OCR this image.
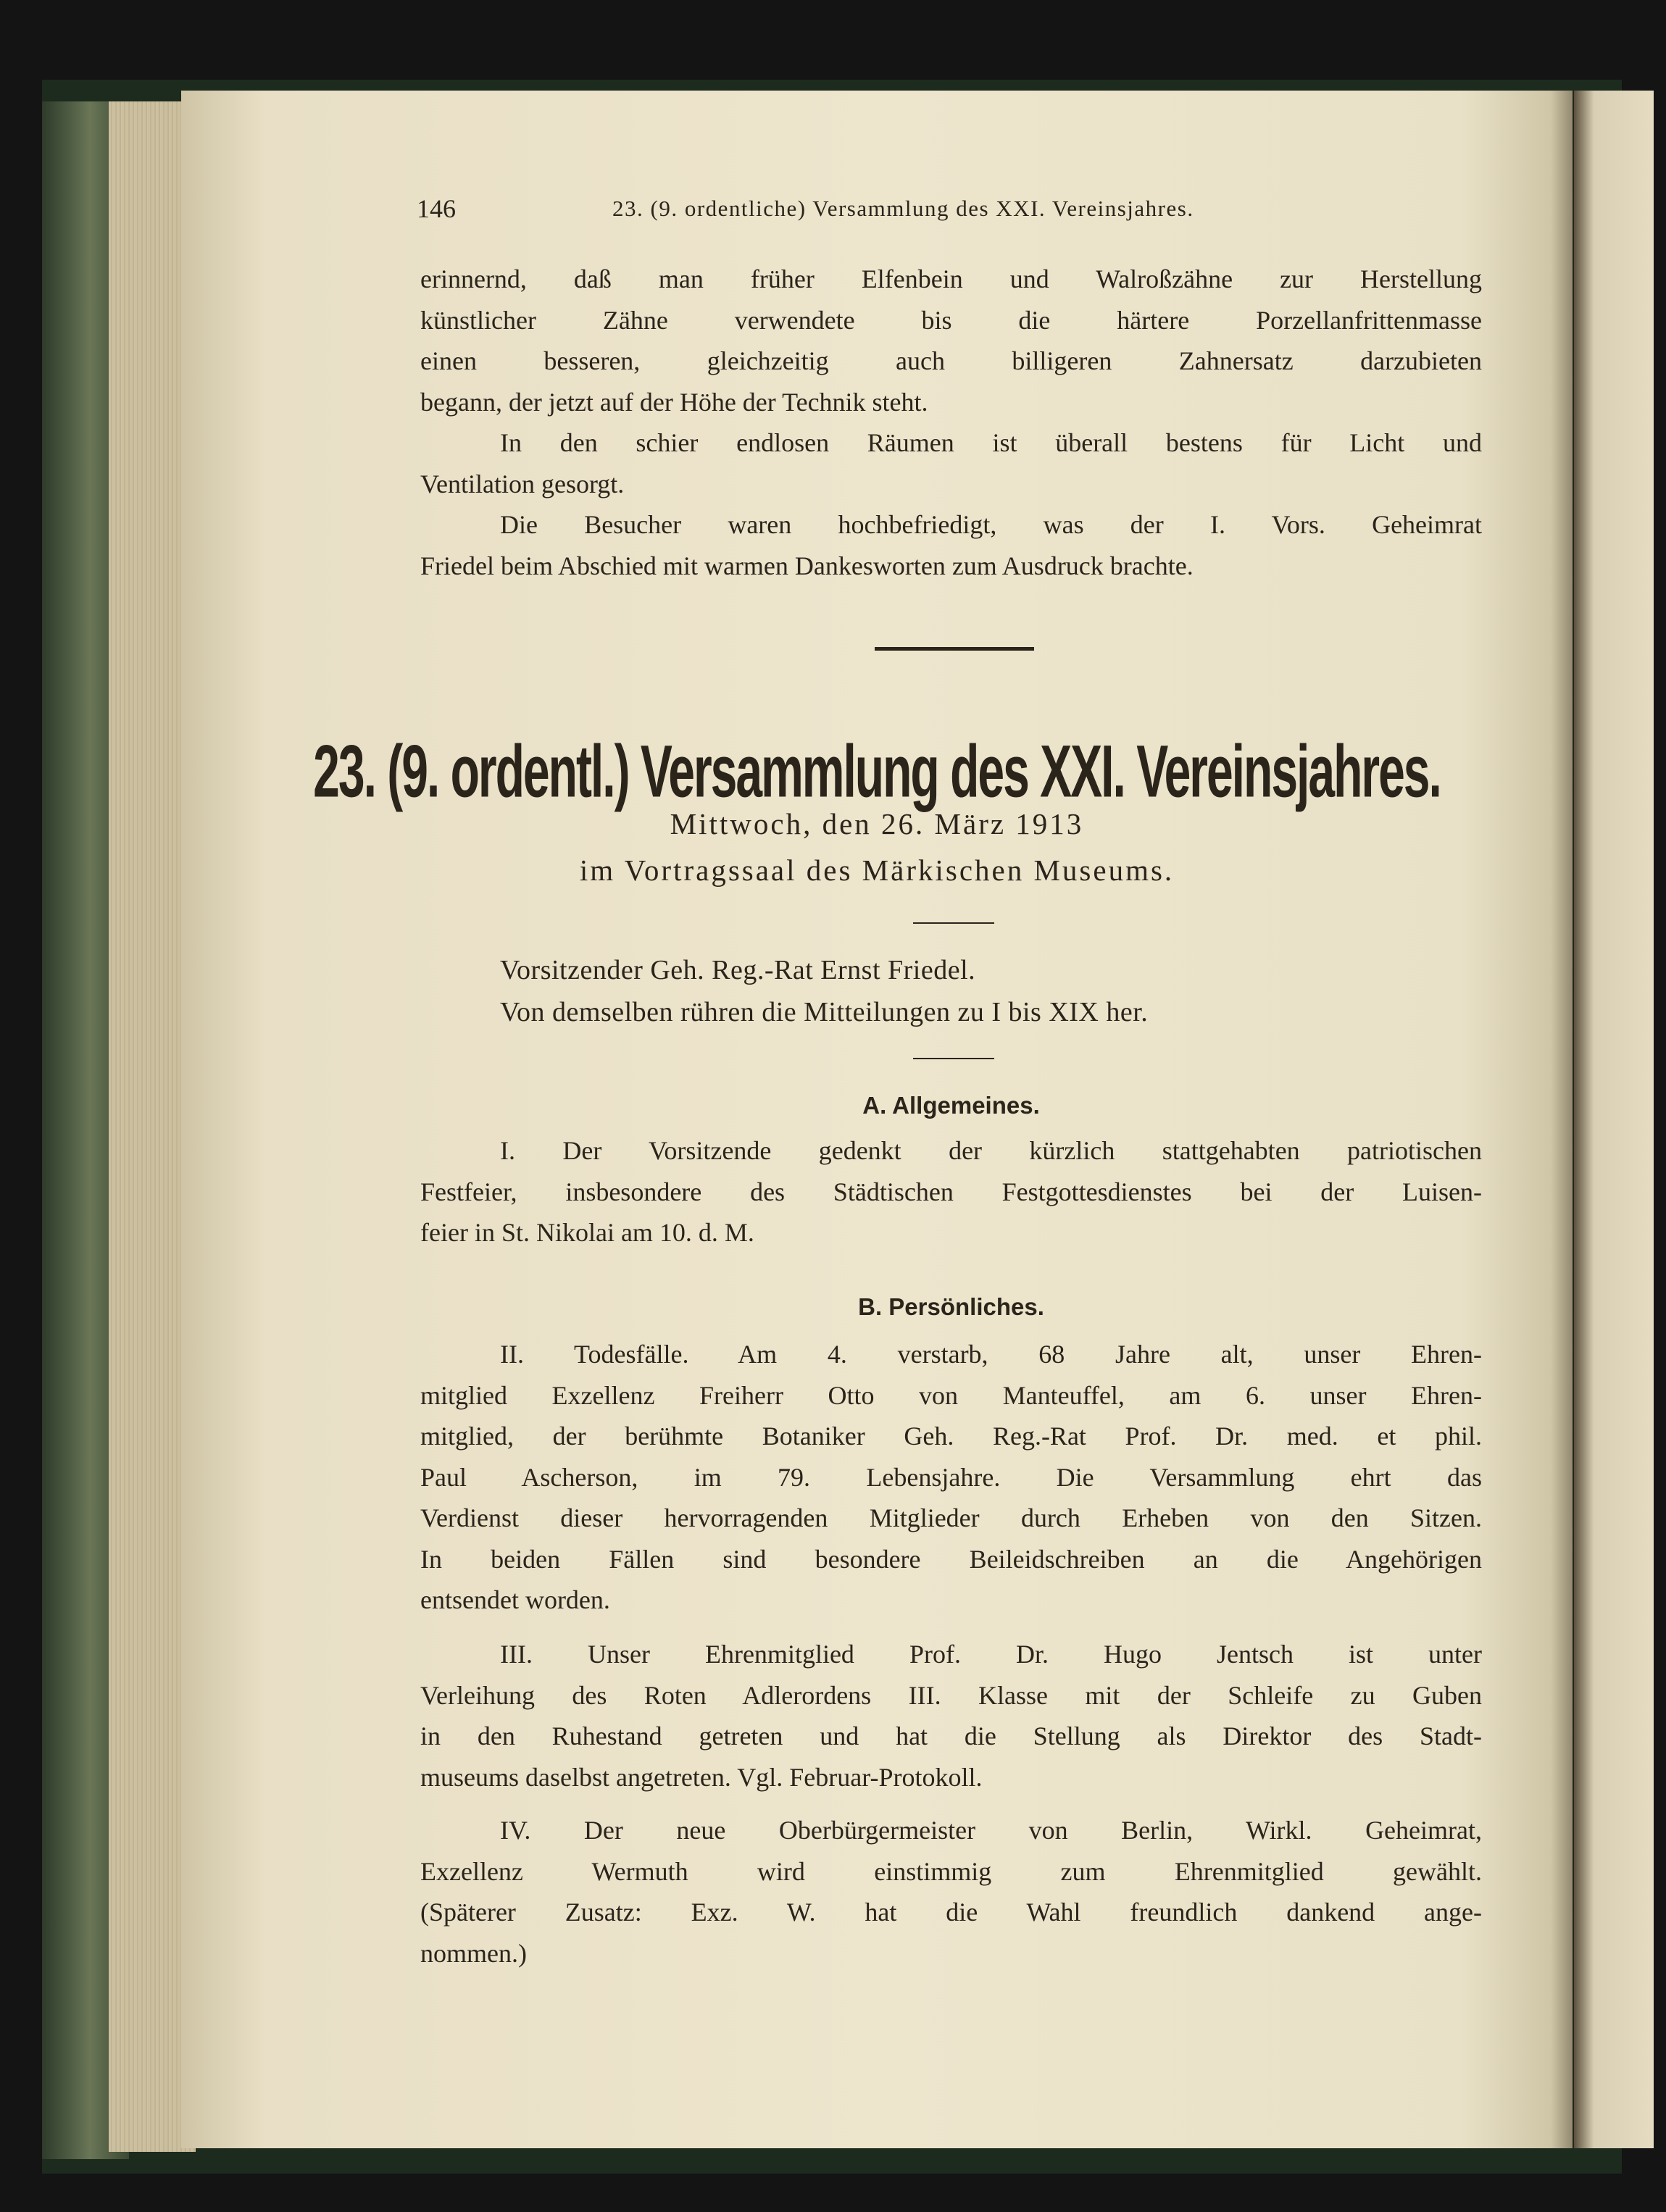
146	23. (9. ordentliche) Versammlung des XXI. Vereinsjahres.
erinnernd, daß man früher Elfenbein und Walroßzähne zur Herstellung
künstlicher Zähne verwendete bis die härtere Porzellanfrittenmasse
einen besseren, gleichzeitig auch billigeren Zahnersatz darzubieten
begann, der jetzt auf der Höhe der Technik steht.
In den schier endlosen Räumen ist überall bestens für Licht und
Ventilation gesorgt.
Die Besucher waren hochbefriedigt, was der I. Vors. Geheimrat
Friedel beim Abschied mit warmen Dankesworten zum Ausdruck brachte.
23. (9. ordentl.) Versammlung des XXI. Vereinsjahres.
Mittwoch, den 26. März 1913
im Vortragssaal des Märkischen Museums.
Vorsitzender Geh. Reg.-Rat Ernst Friedel.
Von demselben rühren die Mitteilungen zu I bis XIX her.
A. Allgemeines.
I. Der Vorsitzende gedenkt der kürzlich stattgehabten patriotischen
Festfeier, insbesondere des Städtischen Festgottesdienstes bei der Luisen-
feier in St. Nikolai am 10. d. M.
B. Persönliches.
II. Todesfälle. Am 4. verstarb, 68 Jahre alt, unser Ehren-
mitglied Exzellenz Freiherr Otto von Manteuffel, am 6. unser Ehren-
mitglied, der berühmte Botaniker Geh. Reg.-Rat Prof. Dr. med. et phil.
Paul Ascherson, im 79. Lebensjahre. Die Versammlung ehrt das
Verdienst dieser hervorragenden Mitglieder durch Erheben von den Sitzen.
In beiden Fällen sind besondere Beileidschreiben an die Angehörigen
entsendet worden.
III. Unser Ehrenmitglied Prof. Dr. Hugo Jentsch ist unter
Verleihung des Roten Adlerordens III. Klasse mit der Schleife zu Guben
in den Ruhestand getreten und hat die Stellung als Direktor des Stadt-
museums daselbst angetreten. Vgl. Februar-Protokoll.
IV. Der neue Oberbürgermeister von Berlin, Wirkl. Geheimrat,
Exzellenz Wermuth wird einstimmig zum Ehrenmitglied gewählt.
(Späterer Zusatz: Exz. W. hat die Wahl freundlich dankend ange-
nommen.)
